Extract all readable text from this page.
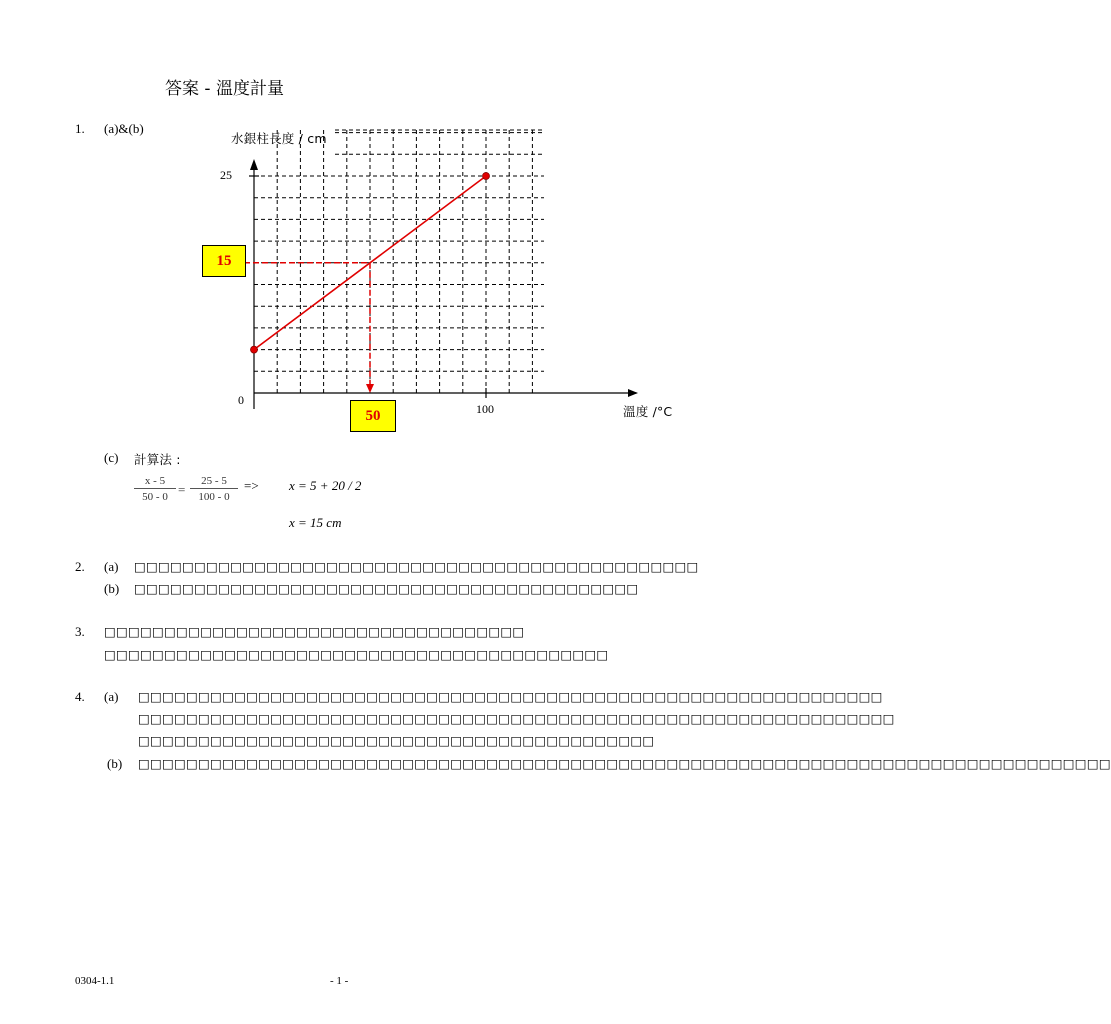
答案 - 溫度計量
1. (a)&(b)
水銀柱長度 / cm
25
0
100	溫度 /°C
15
50
(c) 計算法 :
$\frac{x - 5}{50 - 0} = \frac{25 - 5}{100 - 0} => x = 5 + 20 / 2$
x = 15 cm
2. (a) □□□□□□□□□□□□□□□□□□□□□□□□□□□□□□□□□□□□□□□□□□□□□□□
(b) □□□□□□□□□□□□□□□□□□□□□□□□□□□□□□□□□□□□□□□□□□
3. □□□□□□□□□□□□□□□□□□□□□□□□□□□□□□□□□□□
□□□□□□□□□□□□□□□□□□□□□□□□□□□□□□□□□□□□□□□□□□
4. (a) □□□□□□□□□□□□□□□□□□□□□□□□□□□□□□□□□□□□□□□□□□□□□□□□□□□□□□□□□□□□□□
□□□□□□□□□□□□□□□□□□□□□□□□□□□□□□□□□□□□□□□□□□□□□□□□□□□□□□□□□□□□□□□
□□□□□□□□□□□□□□□□□□□□□□□□□□□□□□□□□□□□□□□□□□□
(b) □□□□□□□□□□□□□□□□□□□□□□□□□□□□□□□□□□□□□□□□□□□□□□□□□□□□□□□□□□□□□□□□□□□□□□□□□□□□□□□□□
0304-1.1	- 1 -
